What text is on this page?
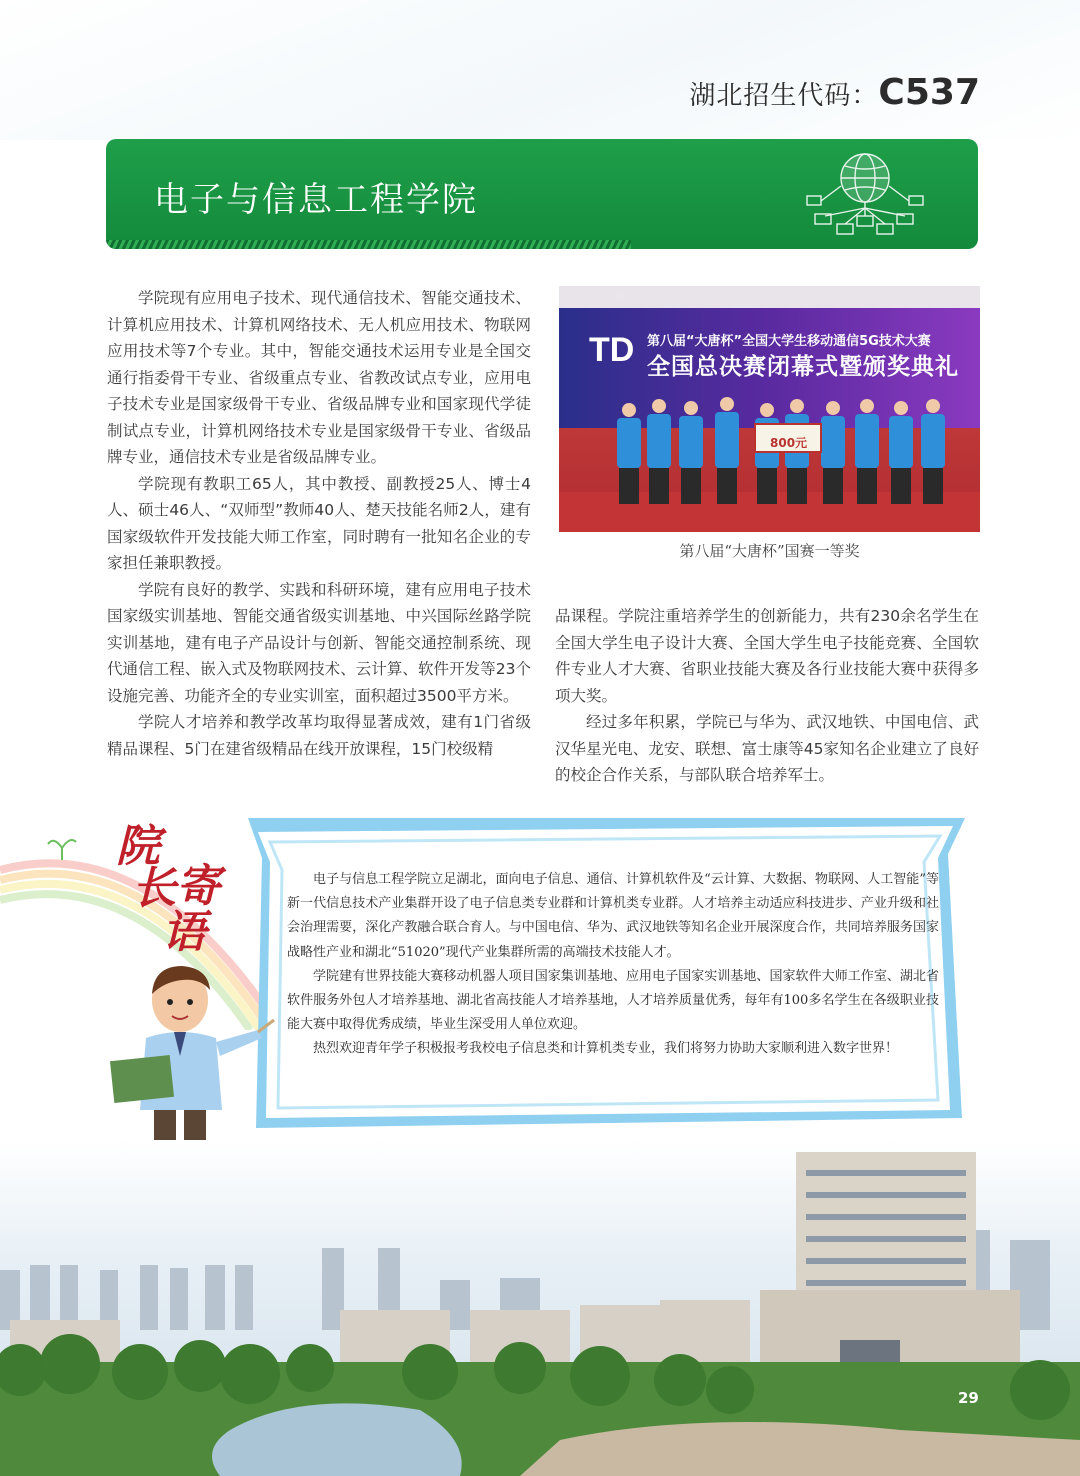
湖北招生代码：C537
电子与信息工程学院

学院现有应用电子技术、现代通信技术、智能交通技术、计算机应用技术、计算机网络技术、无人机应用技术、物联网应用技术等7个专业。其中，智能交通技术运用专业是全国交通行指委骨干专业、省级重点专业、省教改试点专业，应用电子技术专业是国家级骨干专业、省级品牌专业和国家现代学徒制试点专业，计算机网络技术专业是国家级骨干专业、省级品牌专业，通信技术专业是省级品牌专业。

学院现有教职工65人，其中教授、副教授25人、博士4人、硕士46人、“双师型”教师40人、楚天技能名师2人，建有国家级软件开发技能大师工作室，同时聘有一批知名企业的专家担任兼职教授。

学院有良好的教学、实践和科研环境，建有应用电子技术国家级实训基地、智能交通省级实训基地、中兴国际丝路学院实训基地，建有电子产品设计与创新、智能交通控制系统、现代通信工程、嵌入式及物联网技术、云计算、软件开发等23个设施完善、功能齐全的专业实训室，面积超过3500平方米。

学院人才培养和教学改革均取得显著成效，建有1门省级精品课程、5门在建省级精品在线开放课程，15门校级精

TD 第八届“大唐杯”全国大学生移动通信5G技术大赛
全国总决赛闭幕式暨颁奖典礼
800元
第八届“大唐杯”国赛一等奖

品课程。学院注重培养学生的创新能力，共有230余名学生在全国大学生电子设计大赛、全国大学生电子技能竞赛、全国软件专业人才大赛、省职业技能大赛及各行业技能大赛中获得多项大奖。

经过多年积累，学院已与华为、武汉地铁、中国电信、武汉华星光电、龙安、联想、富士康等45家知名企业建立了良好的校企合作关系，与部队联合培养军士。

院
长 寄
语

电子与信息工程学院立足湖北，面向电子信息、通信、计算机软件及“云计算、大数据、物联网、人工智能”等新一代信息技术产业集群开设了电子信息类专业群和计算机类专业群。人才培养主动适应科技进步、产业升级和社会治理需要，深化产教融合联合育人。与中国电信、华为、武汉地铁等知名企业开展深度合作，共同培养服务国家战略性产业和湖北“51020”现代产业集群所需的高端技术技能人才。

学院建有世界技能大赛移动机器人项目国家集训基地、应用电子国家实训基地、国家软件大师工作室、湖北省软件服务外包人才培养基地、湖北省高技能人才培养基地，人才培养质量优秀，每年有100多名学生在各级职业技能大赛中取得优秀成绩，毕业生深受用人单位欢迎。

热烈欢迎青年学子积极报考我校电子信息类和计算机类专业，我们将努力协助大家顺利进入数字世界！

29
